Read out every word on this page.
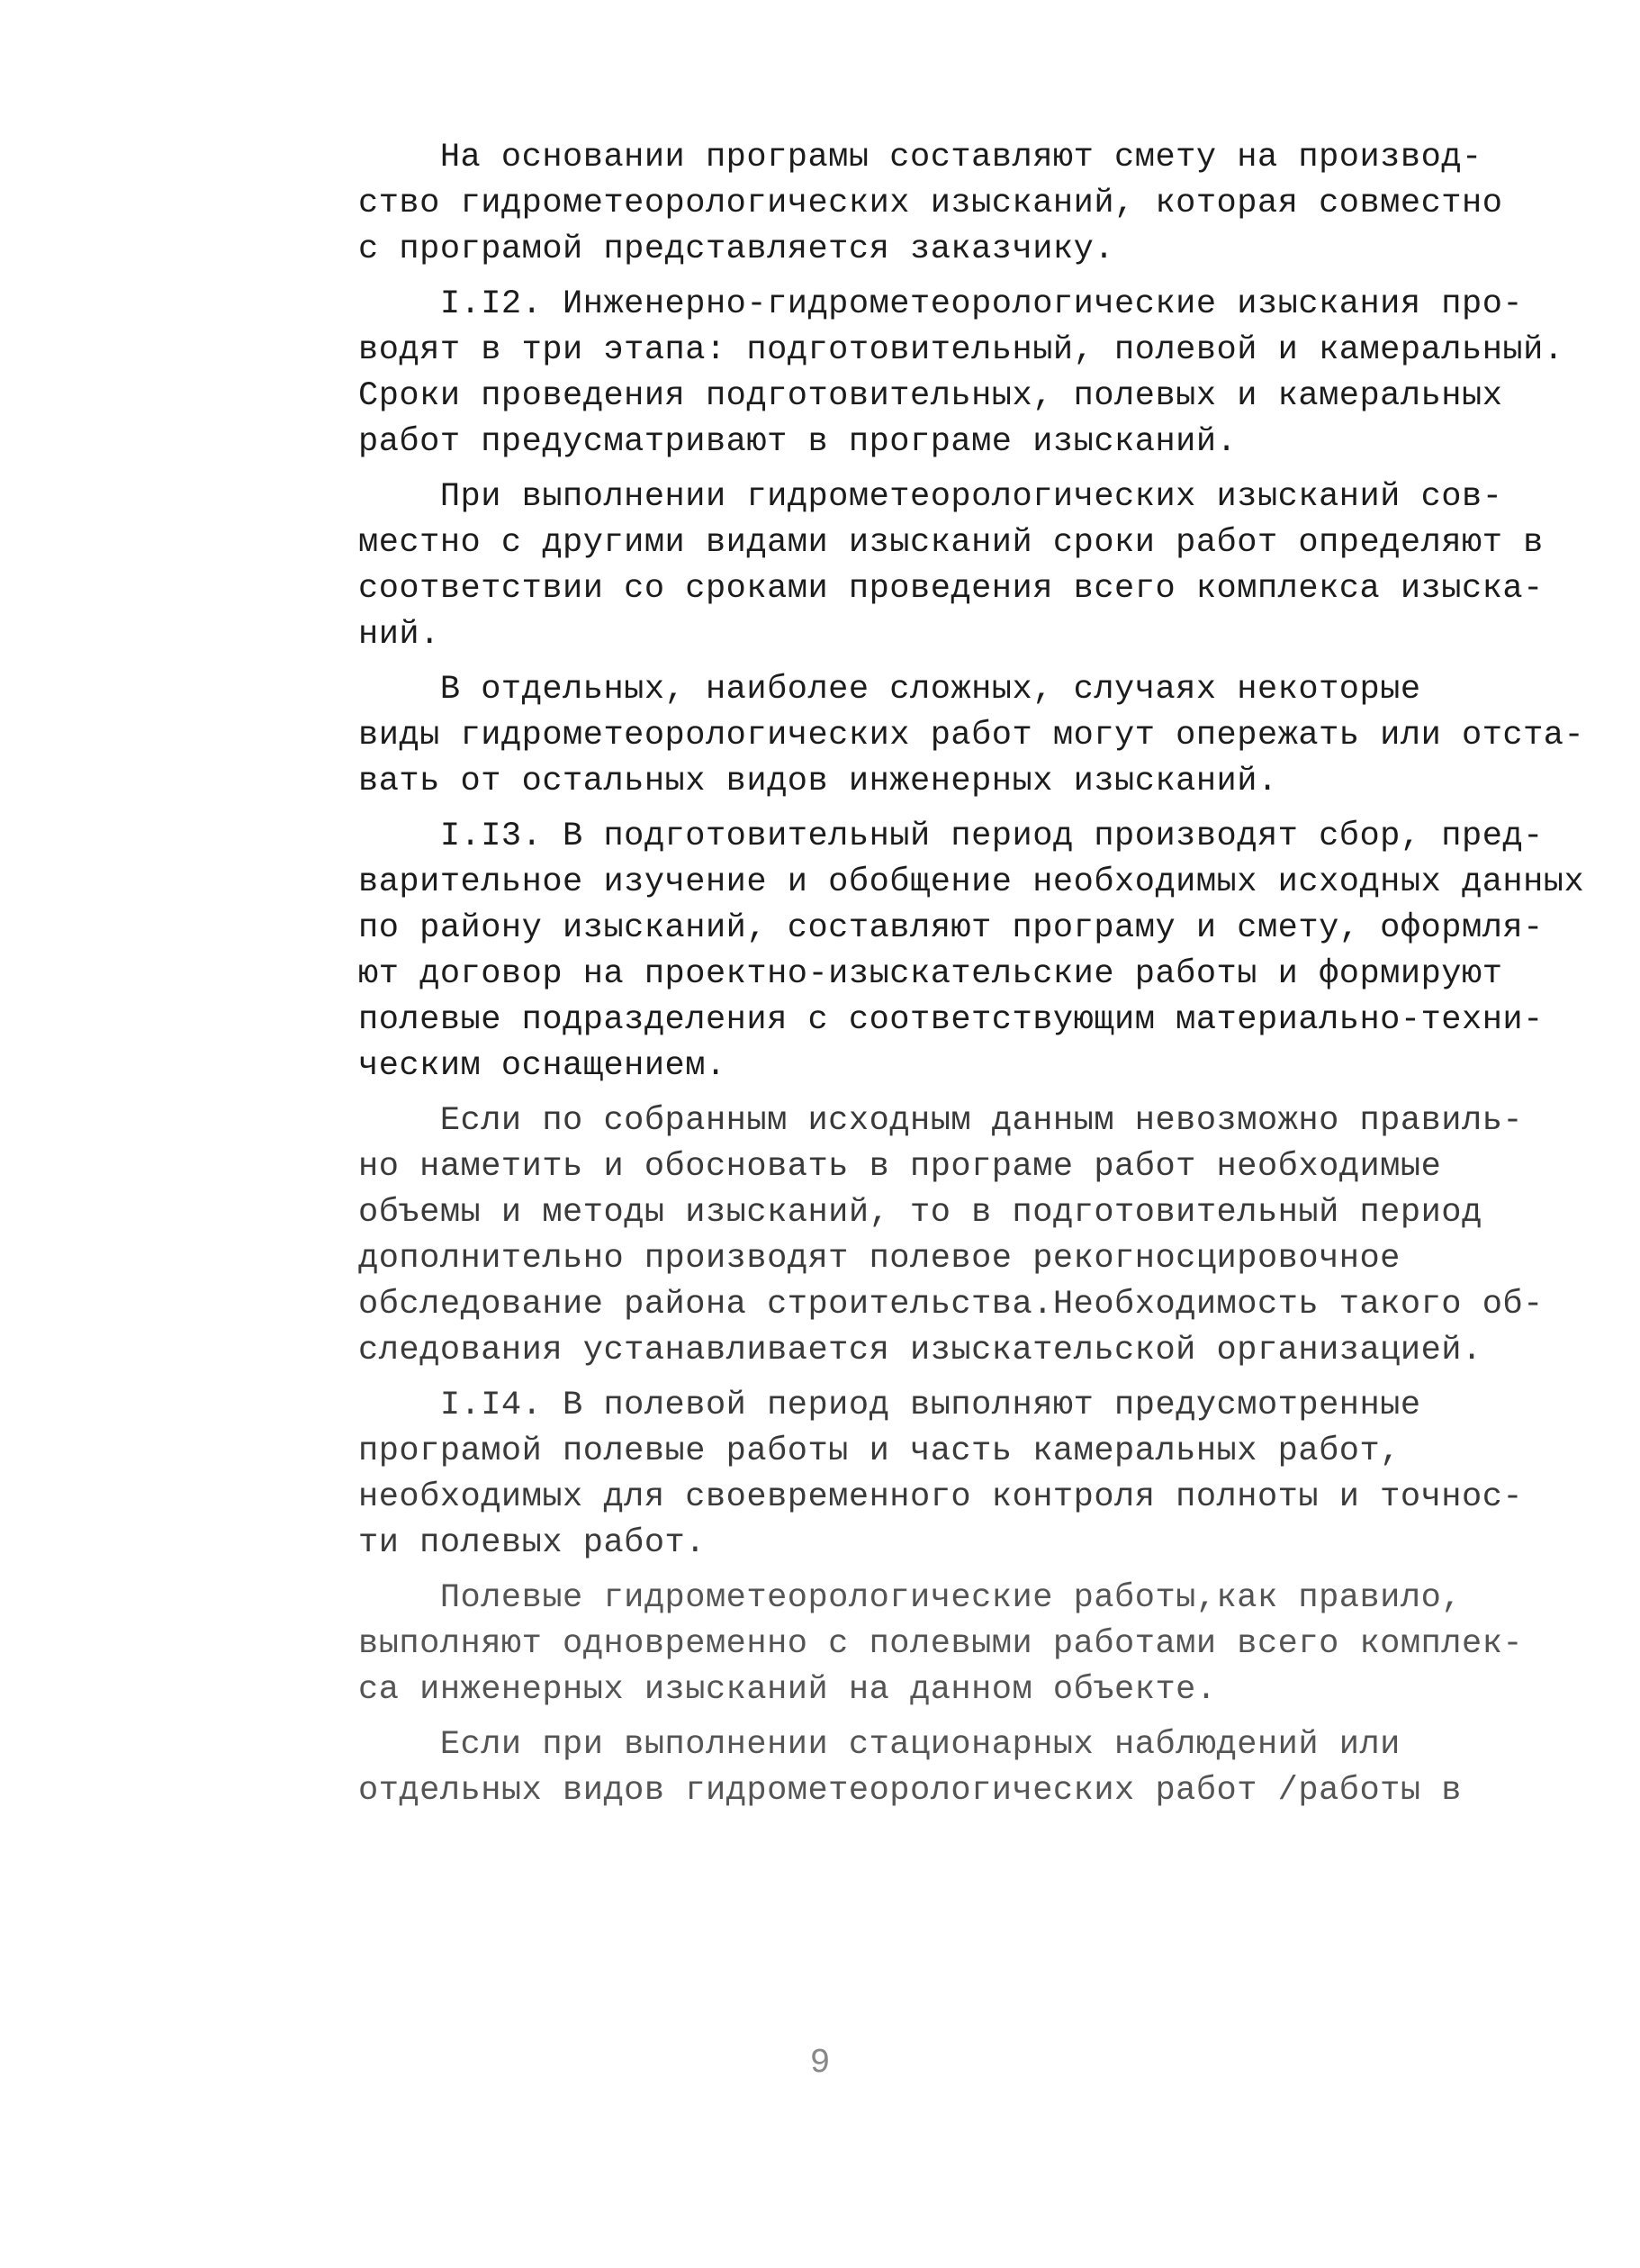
На основании програмы составляют смету на производ-
ство гидрометеорологических изысканий, которая совместно
с програмой представляется заказчику.
I.I2. Инженерно-гидрометеорологические изыскания про-
водят в три этапа: подготовительный, полевой и камеральный.
Сроки проведения подготовительных, полевых и камеральных
работ предусматривают в програме изысканий.
При выполнении гидрометеорологических изысканий сов-
местно с другими видами изысканий сроки работ определяют в
соответствии со сроками проведения всего комплекса изыска-
ний.
В отдельных, наиболее сложных, случаях некоторые
виды гидрометеорологических работ могут опережать или отста-
вать от остальных видов инженерных изысканий.
I.I3. В подготовительный период производят сбор, пред-
варительное изучение и обобщение необходимых исходных данных
по району изысканий, составляют програму и смету, оформля-
ют договор на проектно-изыскательские работы и формируют
полевые подразделения с соответствующим материально-техни-
ческим оснащением.
Если по собранным исходным данным невозможно правиль-
но наметить и обосновать в програме работ необходимые
объемы и методы изысканий, то в подготовительный период
дополнительно производят полевое рекогносцировочное
обследование района строительства.Необходимость такого об-
следования устанавливается изыскательской организацией.
I.I4. В полевой период выполняют предусмотренные
програмой полевые работы и часть камеральных работ,
необходимых для своевременного контроля полноты и точнос-
ти полевых работ.
Полевые гидрометеорологические работы,как правило,
выполняют одновременно с полевыми работами всего комплек-
са инженерных изысканий на данном объекте.
Если при выполнении стационарных наблюдений или
отдельных видов гидрометеорологических работ /работы в
9
